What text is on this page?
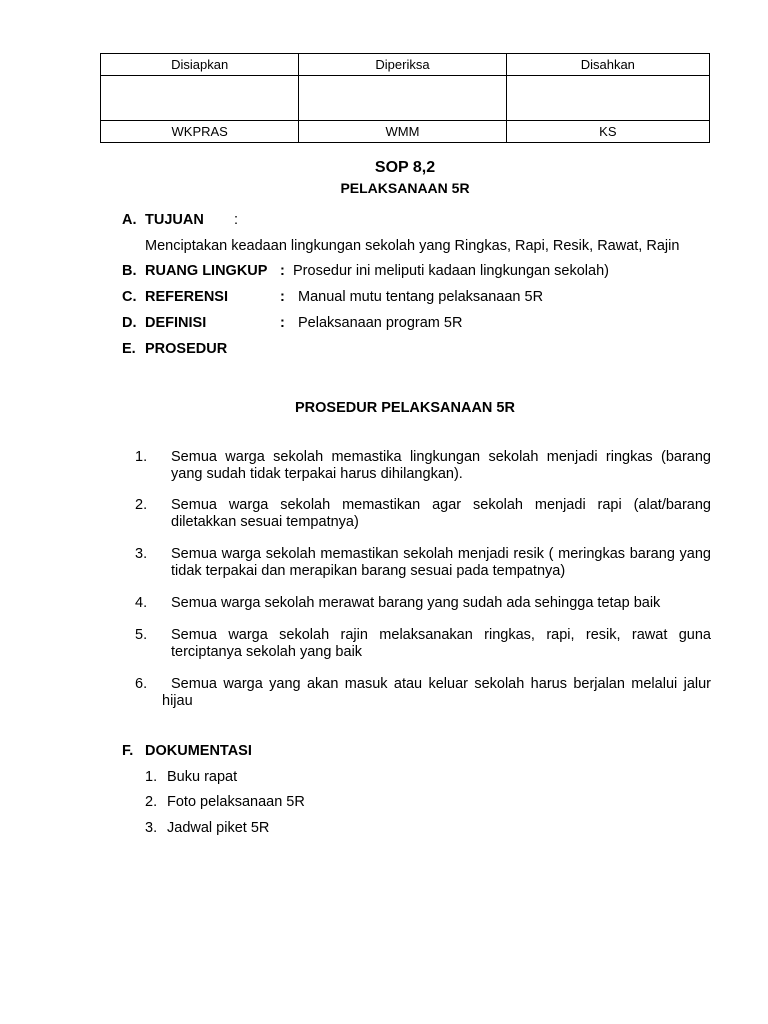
Disiapkan	Diperiksa	Disahkan

WKPRAS	WMM	KS
SOP 8,2
PELAKSANAAN 5R
A. TUJUAN :
Menciptakan keadaan lingkungan sekolah yang Ringkas, Rapi, Resik, Rawat, Rajin
B. RUANG LINGKUP : Prosedur ini meliputi kadaan lingkungan sekolah)
C. REFERENSI	: Manual mutu tentang pelaksanaan 5R
D. DEFINISI	: Pelaksanaan program 5R
E. PROSEDUR
PROSEDUR PELAKSANAAN 5R
1. Semua warga sekolah memastika lingkungan sekolah menjadi ringkas (barang yang sudah tidak terpakai harus dihilangkan).
2. Semua warga sekolah memastikan agar sekolah menjadi rapi (alat/barang diletakkan sesuai tempatnya)
3. Semua warga sekolah memastikan sekolah menjadi resik ( meringkas barang yang tidak terpakai dan merapikan barang sesuai pada tempatnya)
4. Semua warga sekolah merawat barang yang sudah ada sehingga tetap baik
5. Semua warga sekolah rajin melaksanakan ringkas, rapi, resik, rawat guna terciptanya sekolah yang baik
6.	Semua warga yang akan masuk atau keluar sekolah harus berjalan melalui jalur hijau
F. DOKUMENTASI
1. Buku rapat
2. Foto pelaksanaan 5R
3. Jadwal piket 5R
